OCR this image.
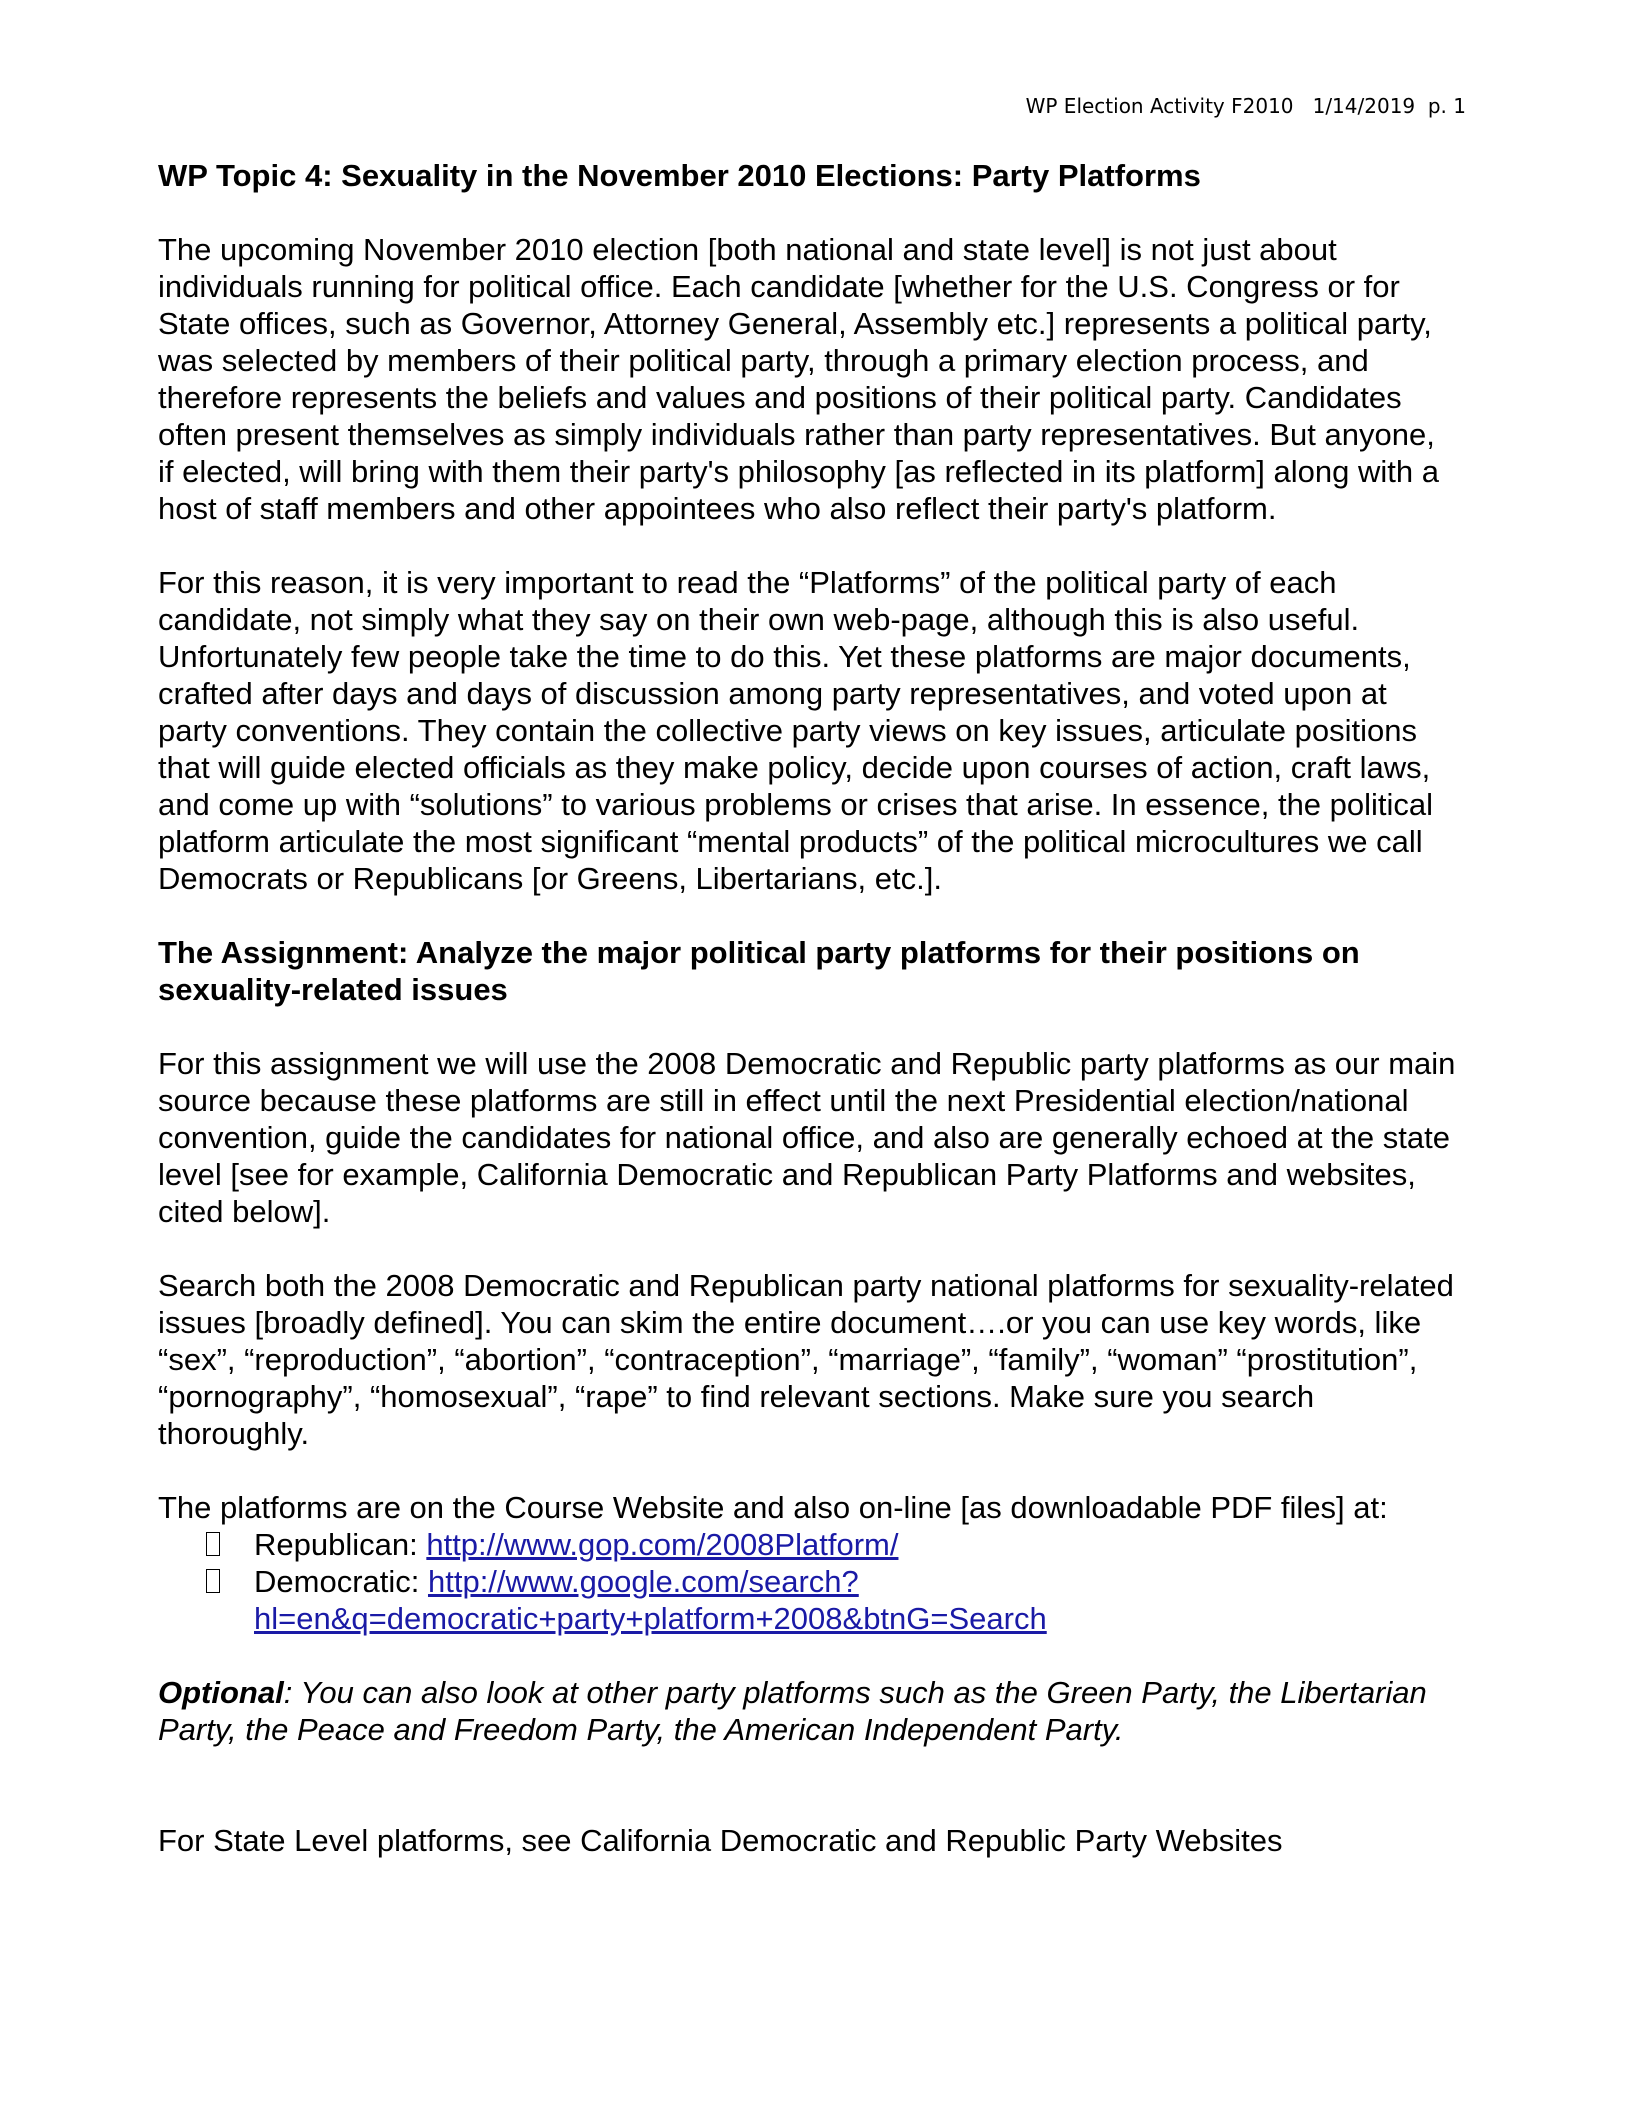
WP Election Activity F2010   1/14/2019  p. 1
WP Topic 4: Sexuality in the November 2010 Elections: Party Platforms

The upcoming November 2010 election [both national and state level] is not just about individuals running for political office. Each candidate [whether for the U.S. Congress or for State offices, such as Governor, Attorney General, Assembly etc.] represents a political party, was selected by members of their political party, through a primary election process, and therefore represents the beliefs and values and positions of their political party. Candidates often present themselves as simply individuals rather than party representatives. But anyone, if elected, will bring with them their party's philosophy [as reflected in its platform] along with a host of staff members and other appointees who also reflect their party's platform.

For this reason, it is very important to read the “Platforms” of the political party of each candidate, not simply what they say on their own web-page, although this is also useful. Unfortunately few people take the time to do this. Yet these platforms are major documents, crafted after days and days of discussion among party representatives, and voted upon at party conventions. They contain the collective party views on key issues, articulate positions that will guide elected officials as they make policy, decide upon courses of action, craft laws, and come up with “solutions” to various problems or crises that arise. In essence, the political platform articulate the most significant “mental products” of the political microcultures we call Democrats or Republicans [or Greens, Libertarians, etc.].

The Assignment: Analyze the major political party platforms for their positions on sexuality-related issues

For this assignment we will use the 2008 Democratic and Republic party platforms as our main source because these platforms are still in effect until the next Presidential election/national convention, guide the candidates for national office, and also are generally echoed at the state level [see for example, California Democratic and Republican Party Platforms and websites, cited below].

Search both the 2008 Democratic and Republican party national platforms for sexuality-related issues [broadly defined]. You can skim the entire document….or you can use key words, like “sex”, “reproduction”, “abortion”, “contraception”, “marriage”, “family”, “woman” “prostitution”, “pornography”, “homosexual”, “rape” to find relevant sections. Make sure you search thoroughly.

The platforms are on the Course Website and also on-line [as downloadable PDF files] at:

Republican: http://www.gop.com/2008Platform/
Democratic: http://www.google.com/search?hl=en&q=democratic+party+platform+2008&btnG=Search

Optional: You can also look at other party platforms such as the Green Party, the Libertarian Party, the Peace and Freedom Party, the American Independent Party.

For State Level platforms, see California Democratic and Republic Party Websites
